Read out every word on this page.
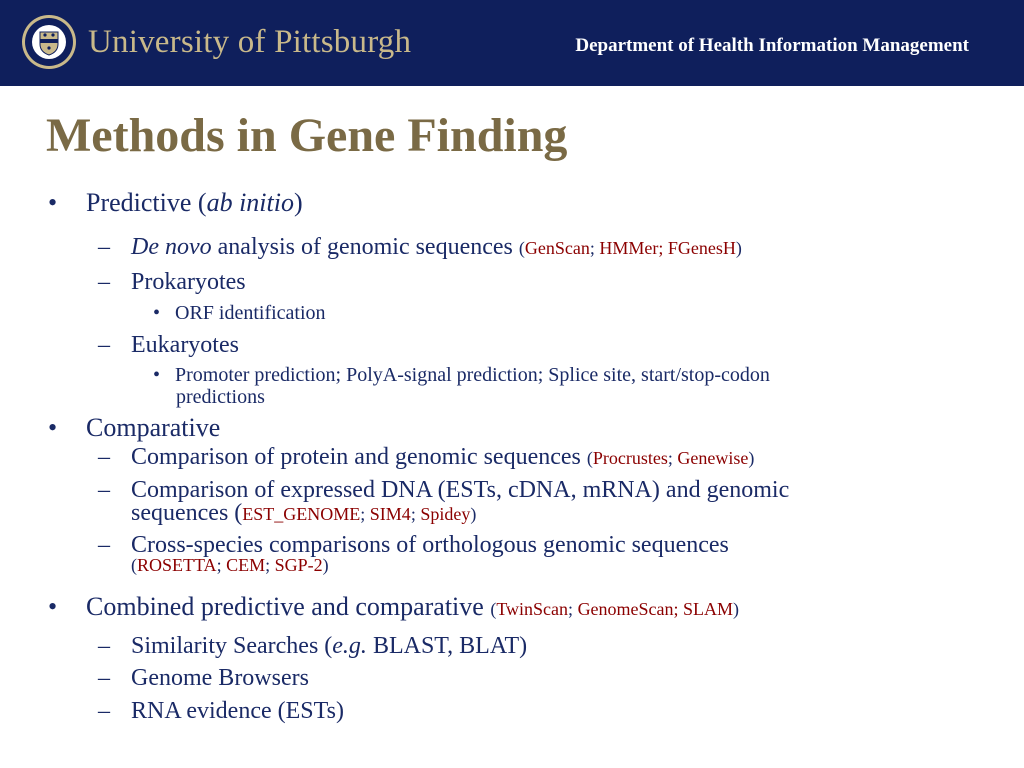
University of Pittsburgh	Department of Health Information Management
Methods in Gene Finding
• Predictive (ab initio)
– De novo analysis of genomic sequences (GenScan; HMMer; FGenesH)
– Prokaryotes
• ORF identification
– Eukaryotes
• Promoter prediction; PolyA-signal prediction; Splice site, start/stop-codon
predictions
• Comparative
– Comparison of protein and genomic sequences (Procrustes; Genewise)
– Comparison of expressed DNA (ESTs, cDNA, mRNA) and genomic
sequences (EST_GENOME; SIM4; Spidey)
– Cross-species comparisons of orthologous genomic sequences
(ROSETTA; CEM; SGP-2)
• Combined predictive and comparative (TwinScan; GenomeScan; SLAM)
– Similarity Searches (e.g. BLAST, BLAT)
– Genome Browsers
– RNA evidence (ESTs)
